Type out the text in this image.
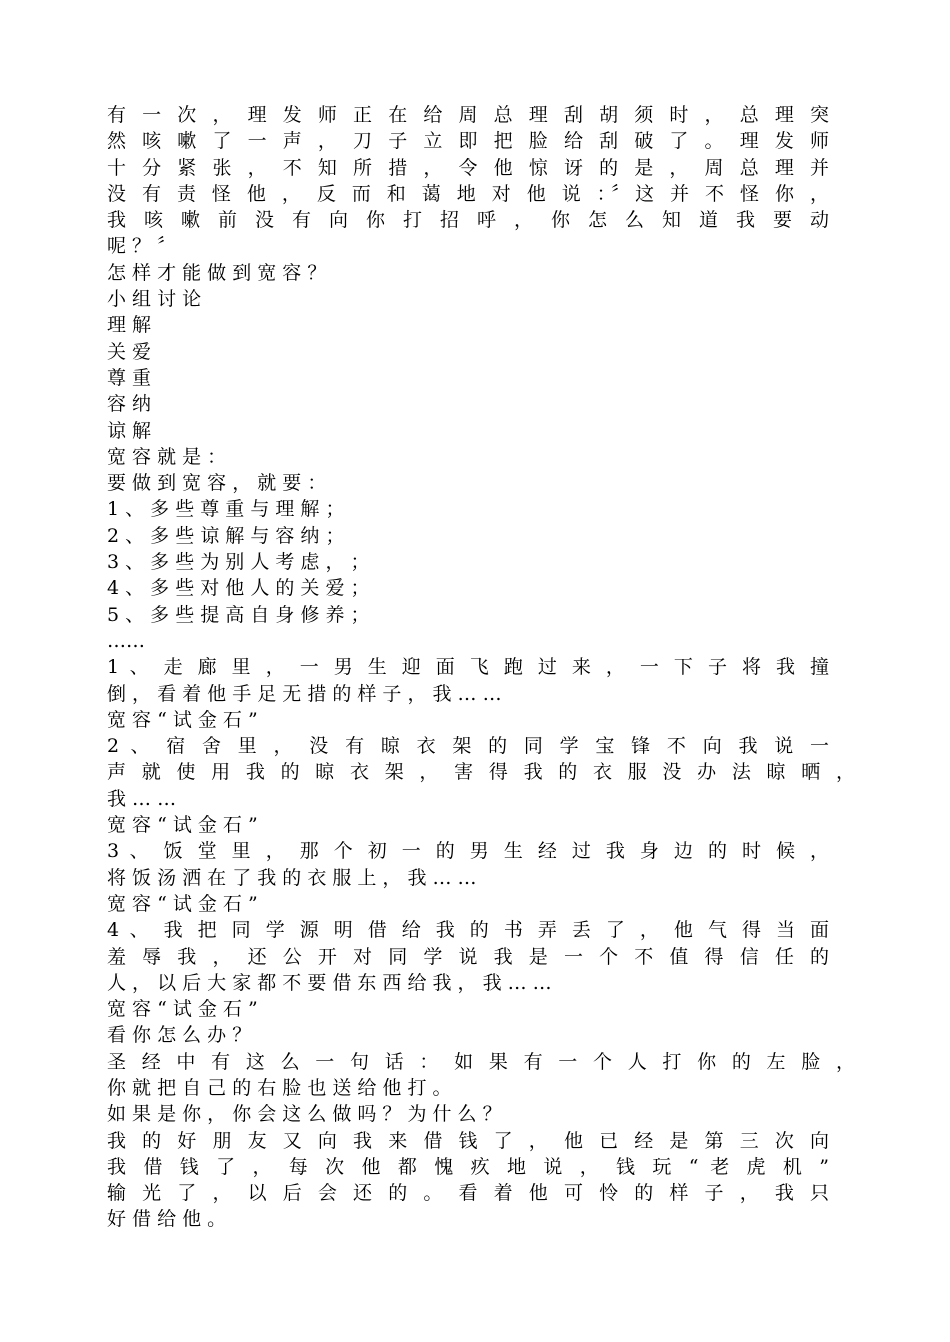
有 一 次 ， 理 发 师 正 在 给 周 总 理 刮 胡 须 时 ， 总 理 突
然 咳 嗽 了 一 声 ， 刀 子 立 即 把 脸 给 刮 破 了 。 理 发 师
十 分 紧 张 ， 不 知 所 措 ， 令 他 惊 讶 的 是 ， 周 总 理 并
没 有 责 怪 他 ， 反 而 和 蔼 地 对 他 说 ：〞这 并 不 怪 你 ，
我 咳 嗽 前 没 有 向 你 打 招 呼 ， 你 怎 么 知 道 我 要 动
呢 ？ 〞
怎 样 才 能 做 到 宽 容 ？
小 组 讨 论
理 解
关 爱
尊 重
容 纳
谅 解
宽 容 就 是 ：
要 做 到 宽 容 ， 就 要 ：
1 、 多 些 尊 重 与 理 解 ；
2 、 多 些 谅 解 与 容 纳 ；
3 、 多 些 为 别 人 考 虑 ， ；
4 、 多 些 对 他 人 的 关 爱 ；
5 、 多 些 提 高 自 身 修 养 ；
……
1 、 走 廊 里 ， 一 男 生 迎 面 飞 跑 过 来 ， 一 下 子 将 我 撞
倒 ， 看 着 他 手 足 无 措 的 样 子 ， 我 … …
宽 容 “ 试 金 石 ”
2 、 宿 舍 里 ， 没 有 晾 衣 架 的 同 学 宝 锋 不 向 我 说 一
声 就 使 用 我 的 晾 衣 架 ， 害 得 我 的 衣 服 没 办 法 晾 晒 ，
我 … …
宽 容 “ 试 金 石 ”
3 、 饭 堂 里 ， 那 个 初 一 的 男 生 经 过 我 身 边 的 时 候 ，
将 饭 汤 洒 在 了 我 的 衣 服 上 ， 我 … …
宽 容 “ 试 金 石 ”
4 、 我 把 同 学 源 明 借 给 我 的 书 弄 丢 了 ， 他 气 得 当 面
羞 辱 我 ， 还 公 开 对 同 学 说 我 是 一 个 不 值 得 信 任 的
人 ， 以 后 大 家 都 不 要 借 东 西 给 我 ， 我 … …
宽 容 “ 试 金 石 ”
看 你 怎 么 办 ？
圣 经 中 有 这 么 一 句 话 ： 如 果 有 一 个 人 打 你 的 左 脸 ，
你 就 把 自 己 的 右 脸 也 送 给 他 打 。
如 果 是 你 ， 你 会 这 么 做 吗 ？ 为 什 么 ？
我 的 好 朋 友 又 向 我 来 借 钱 了 ， 他 已 经 是 第 三 次 向
我 借 钱 了 ， 每 次 他 都 愧 疚 地 说 ， 钱 玩 “ 老 虎 机 ”
输 光 了 ， 以 后 会 还 的 。 看 着 他 可 怜 的 样 子 ， 我 只
好 借 给 他 。
